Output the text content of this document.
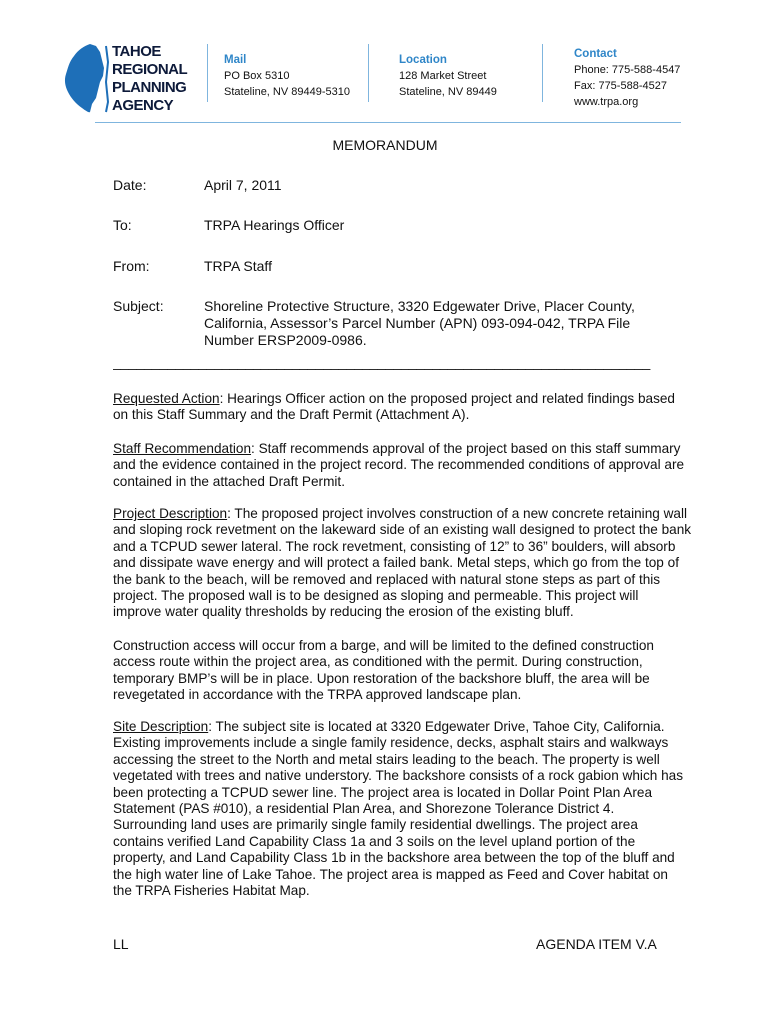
TAHOE
REGIONAL
PLANNING
AGENCY
Mail
PO Box 5310
Stateline, NV 89449-5310
Location
128 Market Street
Stateline, NV 89449
Contact
Phone: 775-588-4547
Fax: 775-588-4527
www.trpa.org
MEMORANDUM
Date:	April 7, 2011
To:	TRPA Hearings Officer
From:	TRPA Staff
Subject:	Shoreline Protective Structure, 3320 Edgewater Drive, Placer County,
California, Assessor’s Parcel Number (APN) 093-094-042, TRPA File
Number ERSP2009-0986.
_____________________________________________________________________
Requested Action: Hearings Officer action on the proposed project and related findings based
on this Staff Summary and the Draft Permit (Attachment A).
Staff Recommendation: Staff recommends approval of the project based on this staff summary
and the evidence contained in the project record. The recommended conditions of approval are
contained in the attached Draft Permit.
Project Description: The proposed project involves construction of a new concrete retaining wall
and sloping rock revetment on the lakeward side of an existing wall designed to protect the bank
and a TCPUD sewer lateral. The rock revetment, consisting of 12” to 36” boulders, will absorb
and dissipate wave energy and will protect a failed bank. Metal steps, which go from the top of
the bank to the beach, will be removed and replaced with natural stone steps as part of this
project. The proposed wall is to be designed as sloping and permeable. This project will
improve water quality thresholds by reducing the erosion of the existing bluff.
Construction access will occur from a barge, and will be limited to the defined construction
access route within the project area, as conditioned with the permit. During construction,
temporary BMP’s will be in place. Upon restoration of the backshore bluff, the area will be
revegetated in accordance with the TRPA approved landscape plan.
Site Description: The subject site is located at 3320 Edgewater Drive, Tahoe City, California.
Existing improvements include a single family residence, decks, asphalt stairs and walkways
accessing the street to the North and metal stairs leading to the beach. The property is well
vegetated with trees and native understory. The backshore consists of a rock gabion which has
been protecting a TCPUD sewer line. The project area is located in Dollar Point Plan Area
Statement (PAS #010), a residential Plan Area, and Shorezone Tolerance District 4.
Surrounding land uses are primarily single family residential dwellings. The project area
contains verified Land Capability Class 1a and 3 soils on the level upland portion of the
property, and Land Capability Class 1b in the backshore area between the top of the bluff and
the high water line of Lake Tahoe. The project area is mapped as Feed and Cover habitat on
the TRPA Fisheries Habitat Map.
LL	AGENDA ITEM V.A
